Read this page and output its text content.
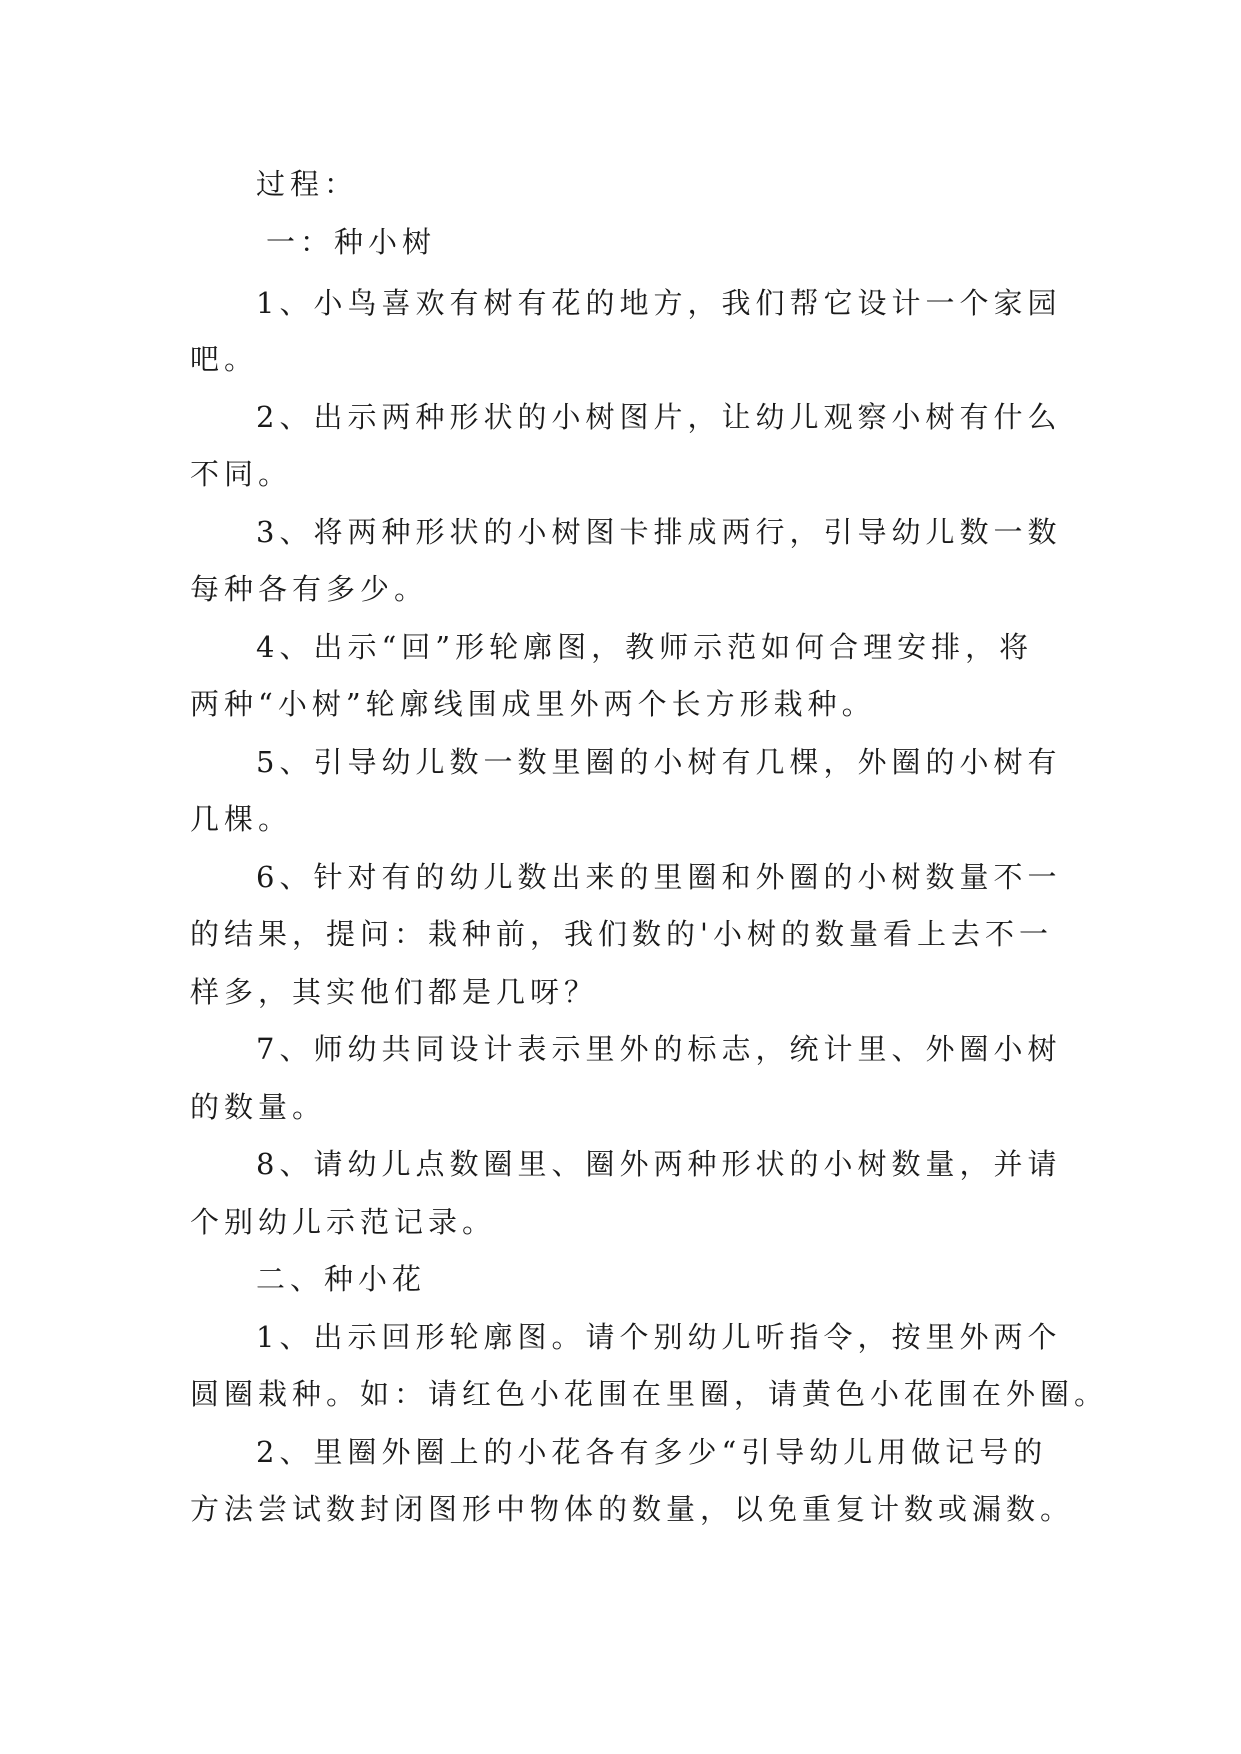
过程：
一：种小树
1、小鸟喜欢有树有花的地方，我们帮它设计一个家园
吧。
2、出示两种形状的小树图片，让幼儿观察小树有什么
不同。
3、将两种形状的小树图卡排成两行，引导幼儿数一数
每种各有多少。
4、出示“回”形轮廓图，教师示范如何合理安排，将
两种“小树”轮廓线围成里外两个长方形栽种。
5、引导幼儿数一数里圈的小树有几棵，外圈的小树有
几棵。
6、针对有的幼儿数出来的里圈和外圈的小树数量不一
的结果，提问：栽种前，我们数的'小树的数量看上去不一
样多，其实他们都是几呀？
7、师幼共同设计表示里外的标志，统计里、外圈小树
的数量。
8、请幼儿点数圈里、圈外两种形状的小树数量，并请
个别幼儿示范记录。
二、种小花
1、出示回形轮廓图。请个别幼儿听指令，按里外两个
圆圈栽种。如：请红色小花围在里圈，请黄色小花围在外圈。
2、里圈外圈上的小花各有多少“引导幼儿用做记号的
方法尝试数封闭图形中物体的数量，以免重复计数或漏数。
